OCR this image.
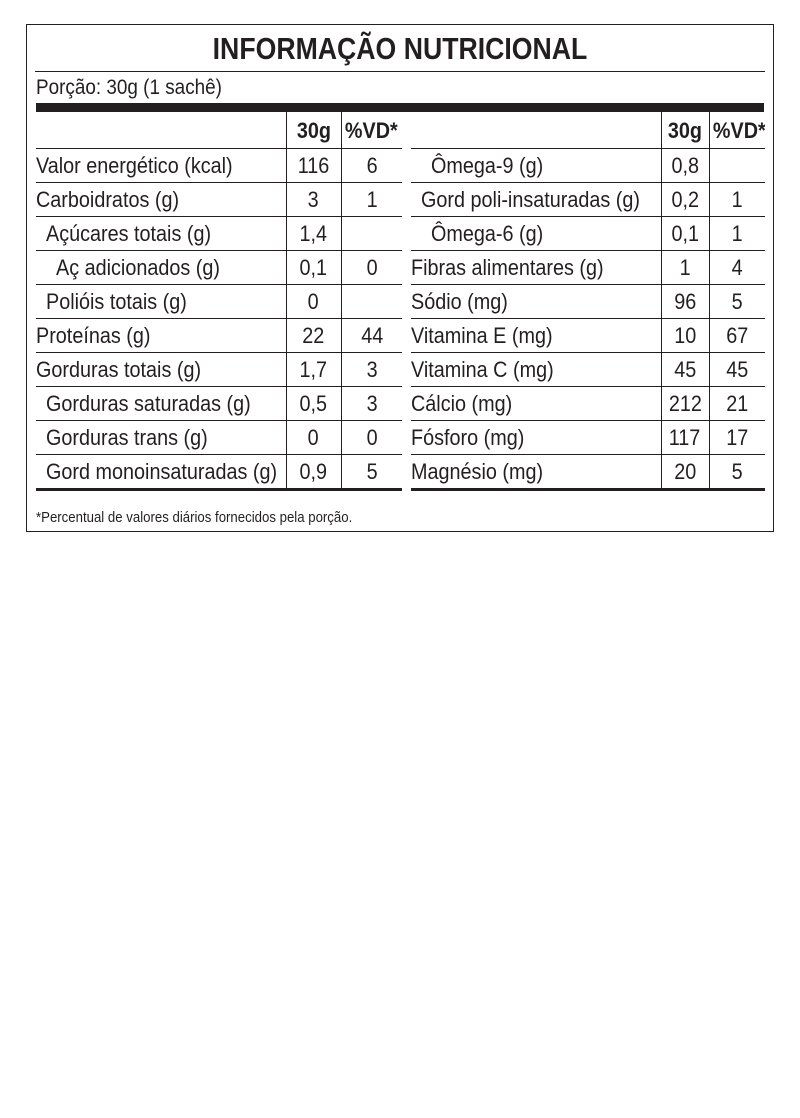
INFORMAÇÃO NUTRICIONAL
Porção: 30g (1 sachê)
	30g	%VD*
Valor energético (kcal)	116	6
Carboidratos (g)	3	1
Açúcares totais (g)	1,4	
Aç adicionados (g)	0,1	0
Polióis totais (g)	0	
Proteínas (g)	22	44
Gorduras totais (g)	1,7	3
Gorduras saturadas (g)	0,5	3
Gorduras trans (g)	0	0
Gord monoinsaturadas (g)	0,9	5
	30g	%VD*
Ômega-9 (g)	0,8	
Gord poli-insaturadas (g)	0,2	1
Ômega-6 (g)	0,1	1
Fibras alimentares (g)	1	4
Sódio (mg)	96	5
Vitamina E (mg)	10	67
Vitamina C (mg)	45	45
Cálcio (mg)	212	21
Fósforo (mg)	117	17
Magnésio (mg)	20	5
*Percentual de valores diários fornecidos pela porção.
